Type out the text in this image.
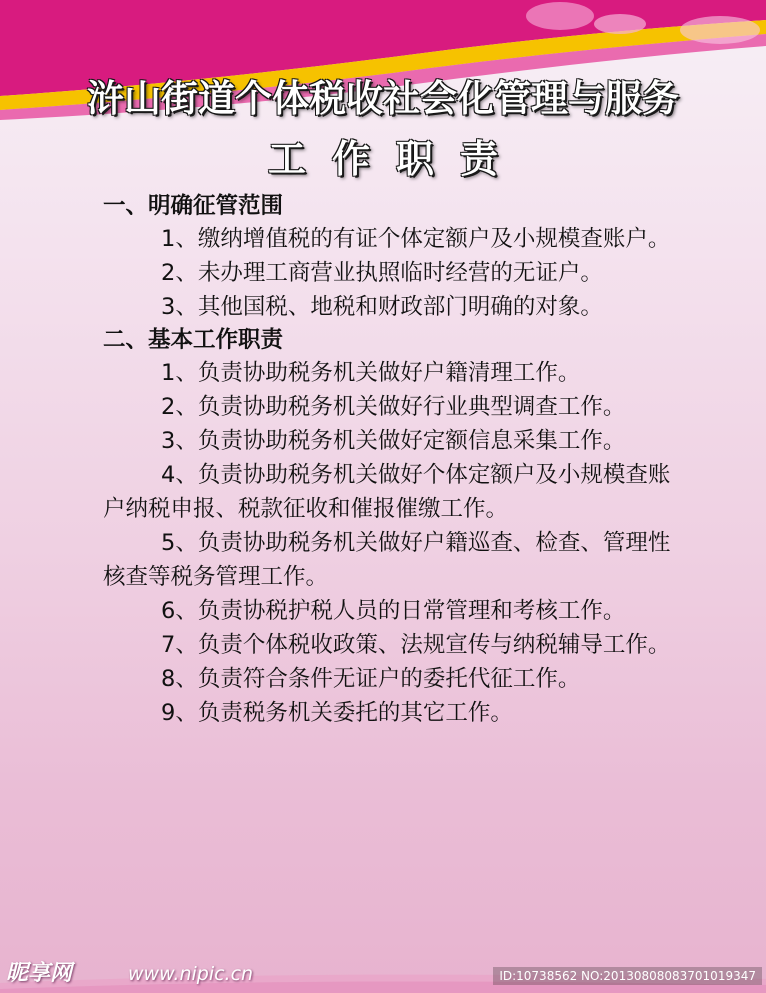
浒山街道个体税收社会化管理与服务
工作职责

一、明确征管范围

1、缴纳增值税的有证个体定额户及小规模查账户。

2、未办理工商营业执照临时经营的无证户。

3、其他国税、地税和财政部门明确的对象。

二、基本工作职责

1、负责协助税务机关做好户籍清理工作。

2、负责协助税务机关做好行业典型调查工作。

3、负责协助税务机关做好定额信息采集工作。

4、负责协助税务机关做好个体定额户及小规模查账户纳税申报、税款征收和催报催缴工作。

5、负责协助税务机关做好户籍巡查、检查、管理性核查等税务管理工作。

6、负责协税护税人员的日常管理和考核工作。

7、负责个体税收政策、法规宣传与纳税辅导工作。

8、负责符合条件无证户的委托代征工作。

9、负责税务机关委托的其它工作。

昵享网	www.nipic.cn	ID:10738562 NO:20130808083701019347
